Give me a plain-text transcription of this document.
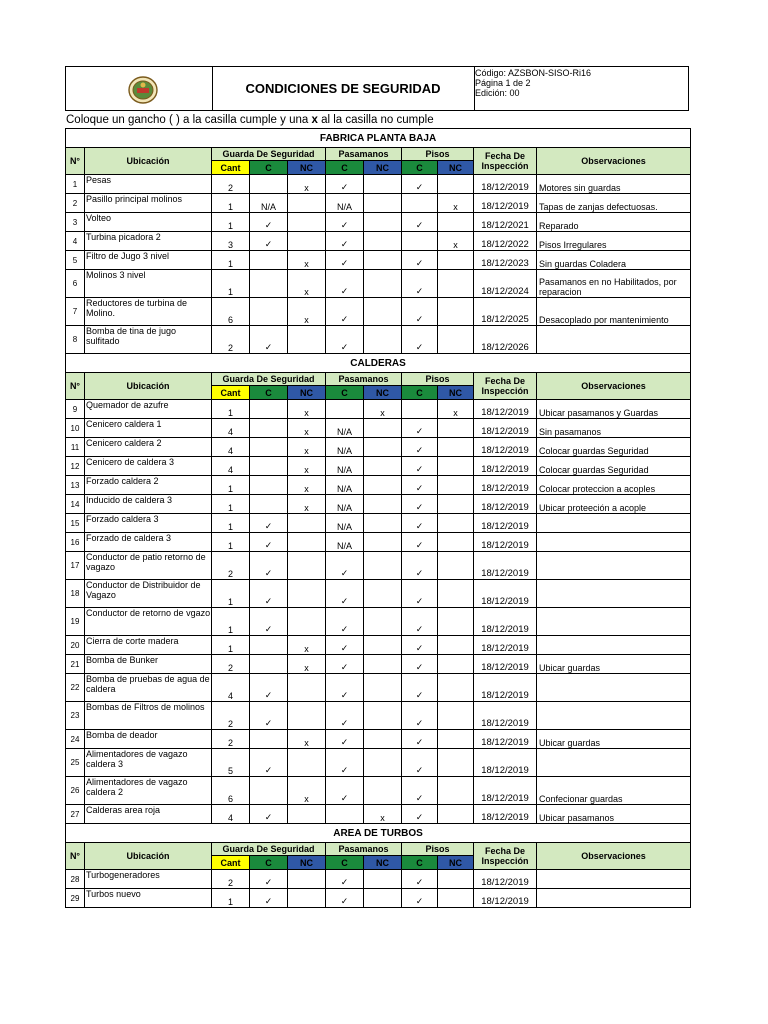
CONDICIONES DE SEGURIDAD
Código: AZSBON-SISO-Ri16
Página 1 de 2
Edición: 00
Coloque un gancho ( ) a la casilla cumple y una x al la casilla no cumple
FABRICA PLANTA BAJA										
N°	Ubicación	Guarda De Seguridad			Pasamanos		Pisos		Fecha De Inspección	Observaciones
		Cant	C	NC	C	NC	C	NC		
1	Pesas	2		x	✓		✓		18/12/2019	Motores sin guardas
2	Pasillo principal molinos	1	N/A		N/A			x	18/12/2019	Tapas de zanjas defectuosas.
3	Volteo	1	✓		✓		✓		18/12/2021	Reparado
4	Turbina picadora 2	3	✓		✓			x	18/12/2022	Pisos Irregulares
5	Filtro de Jugo 3 nivel	1		x	✓		✓		18/12/2023	Sin guardas Coladera
6	Molinos 3 nivel	1		x	✓		✓		18/12/2024	Pasamanos en no Habilitados, por reparacion
7	Reductores de turbina de Molino.	6		x	✓		✓		18/12/2025	Desacoplado por mantenimiento
8	Bomba de tina de jugo sulfitado	2	✓		✓		✓		18/12/2026	
CALDERAS										
N°	Ubicación	Guarda De Seguridad			Pasamanos		Pisos		Fecha De Inspección	Observaciones
		Cant	C	NC	C	NC	C	NC		
9	Quemador de azufre	1		x		x		x	18/12/2019	Ubicar pasamanos y Guardas
10	Cenicero caldera 1	4		x	N/A		✓		18/12/2019	Sin pasamanos
11	Cenicero caldera 2	4		x	N/A		✓		18/12/2019	Colocar guardas Seguridad
12	Cenicero de caldera 3	4		x	N/A		✓		18/12/2019	Colocar guardas Seguridad
13	Forzado caldera 2	1		x	N/A		✓		18/12/2019	Colocar proteccion a acoples
14	Inducido de caldera 3	1		x	N/A		✓		18/12/2019	Ubicar proteeción a acople
15	Forzado caldera 3	1	✓		N/A		✓		18/12/2019	
16	Forzado de caldera 3	1	✓		N/A		✓		18/12/2019	
17	Conductor de patio retorno de vagazo	2	✓		✓		✓		18/12/2019	
18	Conductor de Distribuidor de Vagazo	1	✓		✓		✓		18/12/2019	
19	Conductor de retorno de vgazo	1	✓		✓		✓		18/12/2019	
20	Cierra de corte madera	1		x	✓		✓		18/12/2019	
21	Bomba de Bunker	2		x	✓		✓		18/12/2019	Ubicar guardas
22	Bomba de pruebas de agua de caldera	4	✓		✓		✓		18/12/2019	
23	Bombas de Filtros de molinos	2	✓		✓		✓		18/12/2019	
24	Bomba de deador	2		x	✓		✓		18/12/2019	Ubicar guardas
25	Alimentadores de vagazo caldera 3	5	✓		✓		✓		18/12/2019	
26	Alimentadores de vagazo caldera 2	6		x	✓		✓		18/12/2019	Confecionar guardas
27	Calderas area roja	4	✓			x	✓		18/12/2019	Ubicar pasamanos
AREA DE TURBOS										
N°	Ubicación	Guarda De Seguridad			Pasamanos		Pisos		Fecha De Inspección	Observaciones
		Cant	C	NC	C	NC	C	NC		
28	Turbogeneradores	2	✓		✓		✓		18/12/2019	
29	Turbos nuevo	1	✓		✓		✓		18/12/2019	
